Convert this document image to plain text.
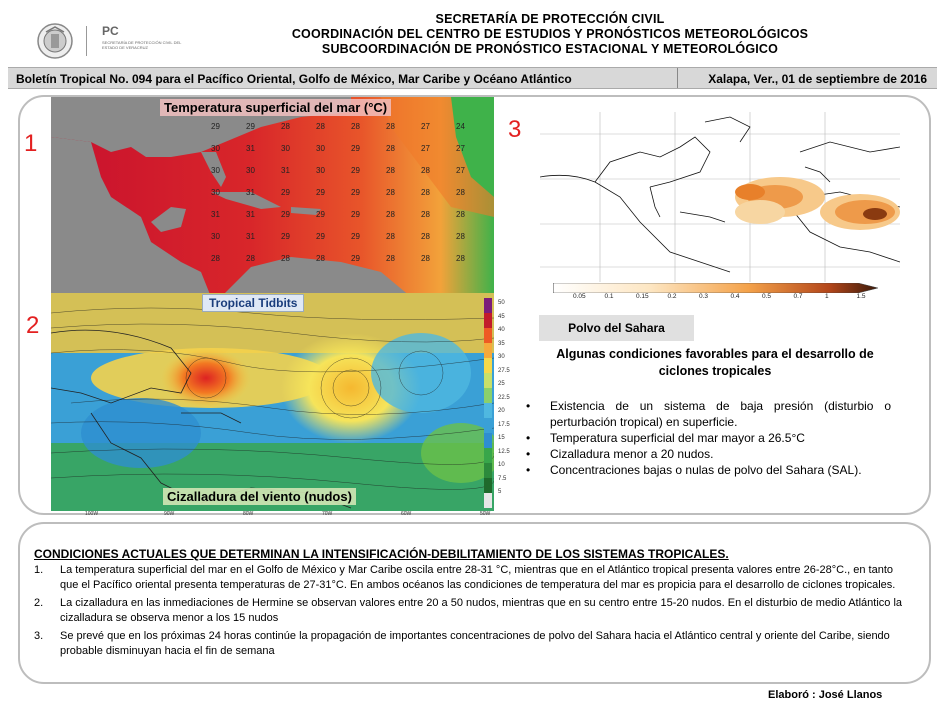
PC
SECRETARÍA DE PROTECCIÓN CIVIL DEL ESTADO DE VERACRUZ
SECRETARÍA DE PROTECCIÓN CIVIL
COORDINACIÓN DEL CENTRO DE ESTUDIOS Y PRONÓSTICOS METEOROLÓGICOS
SUBCOORDINACIÓN DE PRONÓSTICO ESTACIONAL Y METEOROLÓGICO
Boletín Tropical No. 094 para el Pacífico Oriental, Golfo de México, Mar Caribe y Océano Atlántico	Xalapa, Ver., 01 de septiembre de 2016
1
2
3
29	29	28	28	28	28	27	24
30	31	30	30	29	28	27	27
30	30	31	30	29	28	28	27
30	31	29	29	29	28	28	28
31	31	29	29	29	28	28	28
30	31	29	29	29	28	28	28
28	28	28	28	29	28	28	28
Temperatura superficial del mar (°C)
Tropical Tidbits
Cizalladura del viento (nudos)
50
45
40
35
30
27.5
25
22.5
20
17.5
15
12.5
10
7.5
5
100W	90W	80W	70W	60W	50W
0.05	0.1	0.15	0.2	0.3	0.4	0.5	0.7	1	1.5
Polvo del Sahara
Algunas condiciones favorables para el desarrollo de ciclones tropicales
• Existencia de un sistema de baja presión (disturbio o perturbación tropical) en superficie.
• Temperatura superficial del mar mayor a 26.5°C
• Cizalladura menor a 20 nudos.
• Concentraciones bajas o nulas de polvo del Sahara (SAL).
CONDICIONES ACTUALES QUE DETERMINAN LA INTENSIFICACIÓN-DEBILITAMIENTO DE LOS SISTEMAS TROPICALES.
1. La temperatura superficial del mar en el Golfo de México y Mar Caribe oscila entre 28-31 °C, mientras que en el Atlántico tropical presenta valores entre 26-28°C., en tanto que el Pacífico oriental presenta temperaturas de 27-31°C. En ambos océanos las condiciones de temperatura del mar es propicia para el desarrollo de ciclones tropicales.
2. La cizalladura en las inmediaciones de Hermine se observan valores entre 20 a 50 nudos, mientras que en su centro entre 15-20 nudos. En el disturbio de medio Atlántico la cizalladura se observa menor a los 15 nudos
3. Se prevé que en los próximas 24 horas continúe la propagación de importantes concentraciones de polvo del Sahara hacia el Atlántico central y oriente del Caribe, siendo probable disminuyan hacia el fin de semana
Elaboró : José Llanos
